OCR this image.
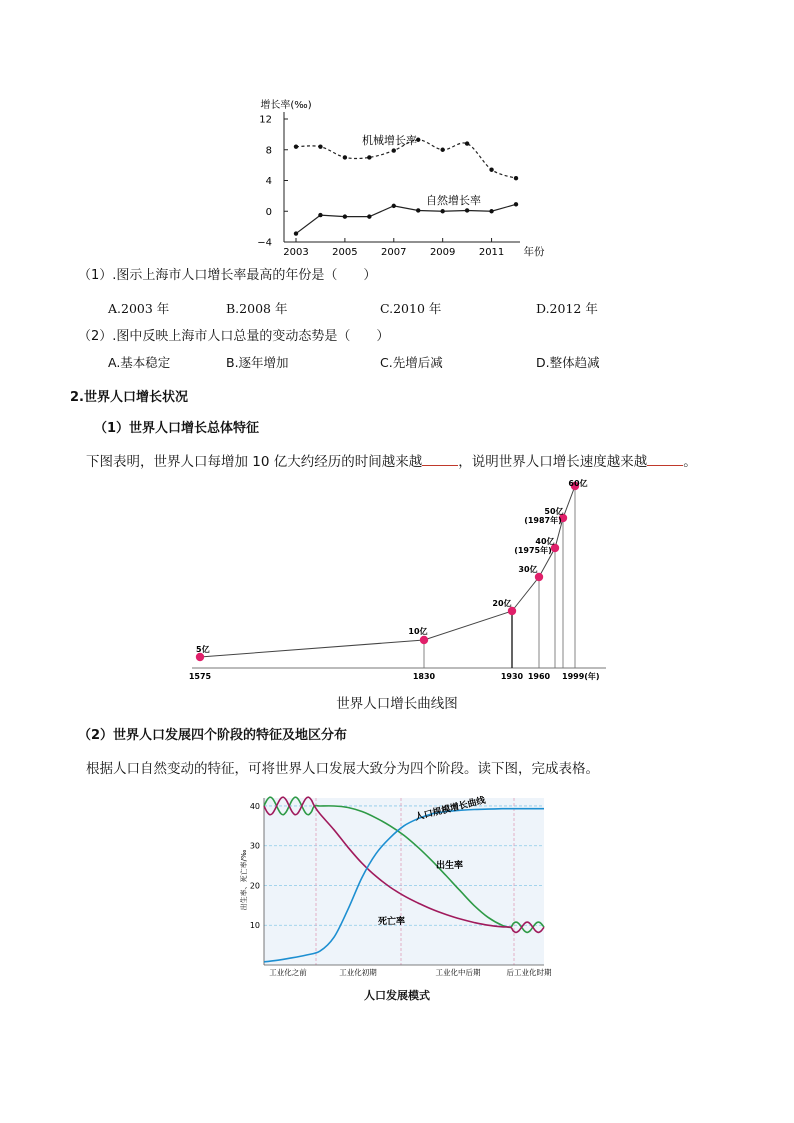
增长率(‰)
12
8
4
0
−4
2003 2005 2007 2009 2011 年份
机械增长率
自然增长率
（1）.图示上海市人口增长率最高的年份是（　　）
A.2003 年	B.2008 年	C.2010 年	D.2012 年
（2）.图中反映上海市人口总量的变动态势是（　　）
A.基本稳定	B.逐年增加	C.先增后减	D.整体趋减
2.世界人口增长状况
（1）世界人口增长总体特征
下图表明，世界人口每增加 10 亿大约经历的时间越来越	，说明世界人口增长速度越来越	。
5亿
10亿
20亿
30亿
40亿
50亿
60亿
(1975年)
(1987年)
1575	1830	1930 1960 1999(年)
世界人口增长曲线图
（2）世界人口发展四个阶段的特征及地区分布
根据人口自然变动的特征，可将世界人口发展大致分为四个阶段。读下图，完成表格。
40
30
20
10
出生率、死亡率/‰	出生率
死亡率
人口规模增长曲线
工业化之前	工业化初期	工业化中后期	后工业化时期
人口发展模式
